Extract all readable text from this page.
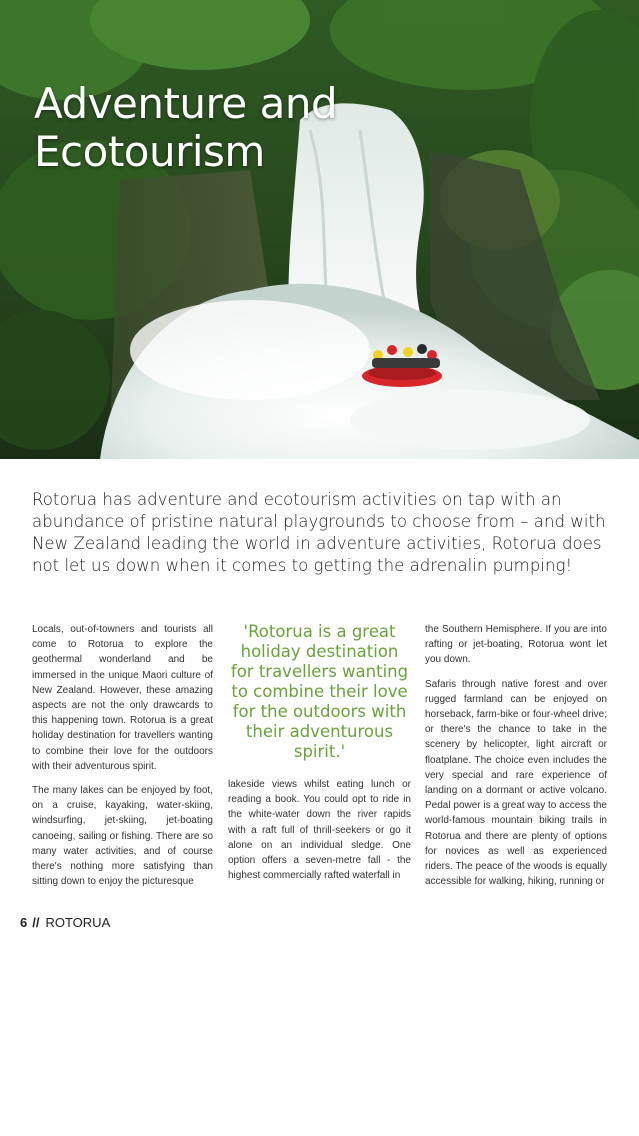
Adventure and
Ecotourism

Rotorua has adventure and ecotourism activities on tap with an abundance of pristine natural playgrounds to choose from – and with New Zealand leading the world in adventure activities, Rotorua does not let us down when it comes to getting the adrenalin pumping!

Locals, out-of-towners and tourists all come to Rotorua to explore the geothermal wonderland and be immersed in the unique Maori culture of New Zealand. However, these amazing aspects are not the only drawcards to this happening town. Rotorua is a great holiday destination for travellers wanting to combine their love for the outdoors with their adventurous spirit.

The many lakes can be enjoyed by foot, on a cruise, kayaking, water-skiing, windsurfing, jet-skiing, jet-boating canoeing, sailing or fishing. There are so many water activities, and of course there's nothing more satisfying than sitting down to enjoy the picturesque

'Rotorua is a great holiday destination for travellers wanting to combine their love for the outdoors with their adventurous spirit.'

lakeside views whilst eating lunch or reading a book. You could opt to ride in the white-water down the river rapids with a raft full of thrill-seekers or go it alone on an individual sledge. One option offers a seven-metre fall - the highest commercially rafted waterfall in

the Southern Hemisphere. If you are into rafting or jet-boating, Rotorua wont let you down.

Safaris through native forest and over rugged farmland can be enjoyed on horseback, farm-bike or four-wheel drive; or there's the chance to take in the scenery by helicopter, light aircraft or floatplane. The choice even includes the very special and rare experience of landing on a dormant or active volcano. Pedal power is a great way to access the world-famous mountain biking trails in Rotorua and there are plenty of options for novices as well as experienced riders. The peace of the woods is equally accessible for walking, hiking, running or

6 // ROTORUA
